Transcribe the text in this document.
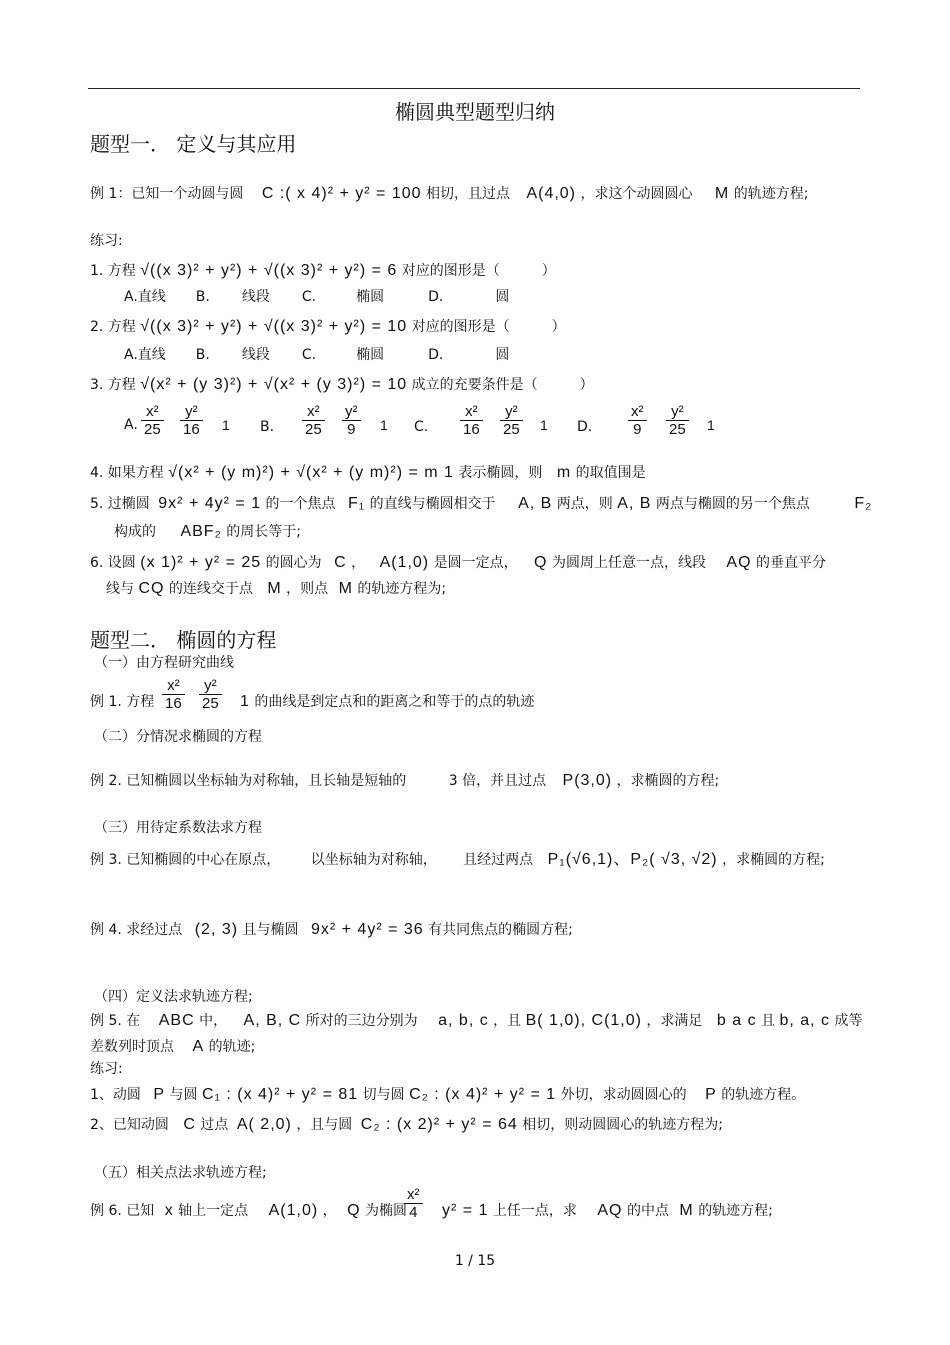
椭圆典型题型归纳
题型一． 定义与其应用
例 1：已知一个动圆与圆 C :( x 4)² + y² = 100 相切，且过点 A(4,0) ，求这个动圆圆心 M 的轨迹方程;
练习:
1. 方程 √((x 3)² + y²) + √((x 3)² + y²) = 6 对应的图形是（　　　）
A.直线 B. 线段 C.	椭圆	D.	圆
2. 方程 √((x 3)² + y²) + √((x 3)² + y²) = 10 对应的图形是（　　　）
A.直线 B. 线段 C.	椭圆	D.	圆
3. 方程 √(x² + (y 3)²) + √(x² + (y 3)²) = 10 成立的充要条件是（　　　）
A. $\frac{\text{x²}}{25} \frac{\text{y²}}{16} 1$ B. $\frac{\text{x²}}{25} \frac{\text{y²}}{9} 1$ C. $\frac{\text{x²}}{16} \frac{\text{y²}}{25} 1$ D. $\frac{\text{x²}}{9} \frac{\text{y²}}{25} 1$
4. 如果方程 √(x² + (y m)²) + √(x² + (y m)²) = m 1 表示椭圆，则 m 的取值围是
5. 过椭圆 9x² + 4y² = 1 的一个焦点 F₁ 的直线与椭圆相交于 A, B 两点，则 A, B 两点与椭圆的另一个焦点	F₂
构成的 ABF₂ 的周长等于;
6. 设圆 (x 1)² + y² = 25 的圆心为 C ， A(1,0) 是圆一定点， Q 为圆周上任意一点，线段 AQ 的垂直平分
线与 CQ 的连线交于点 M ，则点 M 的轨迹方程为;
题型二． 椭圆的方程
（一）由方程研究曲线
例 1. 方程 $\frac{\text{x²}}{16} \frac{\text{y²}}{25} 1$ 的曲线是到定点和的距离之和等于的点的轨迹
（二）分情况求椭圆的方程
例 2. 已知椭圆以坐标轴为对称轴，且长轴是短轴的	3 倍，并且过点 P(3,0) ，求椭圆的方程;
（三）用待定系数法求方程
例 3. 已知椭圆的中心在原点， 以坐标轴为对称轴， 且经过两点 P₁(√6,1)、P₂( √3, √2) ，求椭圆的方程;
例 4. 求经过点 (2, 3) 且与椭圆 9x² + 4y² = 36 有共同焦点的椭圆方程;
（四）定义法求轨迹方程;
例 5. 在 ABC 中， A, B, C 所对的三边分别为 a, b, c ，且 B( 1,0), C(1,0) ，求满足 b a c 且 b, a, c 成等
差数列时顶点 A 的轨迹;
练习:
1、动圆 P 与圆 C₁ : (x 4)² + y² = 81 切与圆 C₂ : (x 4)² + y² = 1 外切，求动圆圆心的 P 的轨迹方程。
2、已知动圆 C 过点 A( 2,0) ，且与圆 C₂ : (x 2)² + y² = 64 相切，则动圆圆心的轨迹方程为;
（五）相关点法求轨迹方程;
例 6. 已知 x 轴上一定点 A(1,0) ， Q 为椭圆
$\frac{\text{x²}}{4} y^2 = 1$ 上任一点，求 AQ 的中点 M 的轨迹方程;
1 / 15
